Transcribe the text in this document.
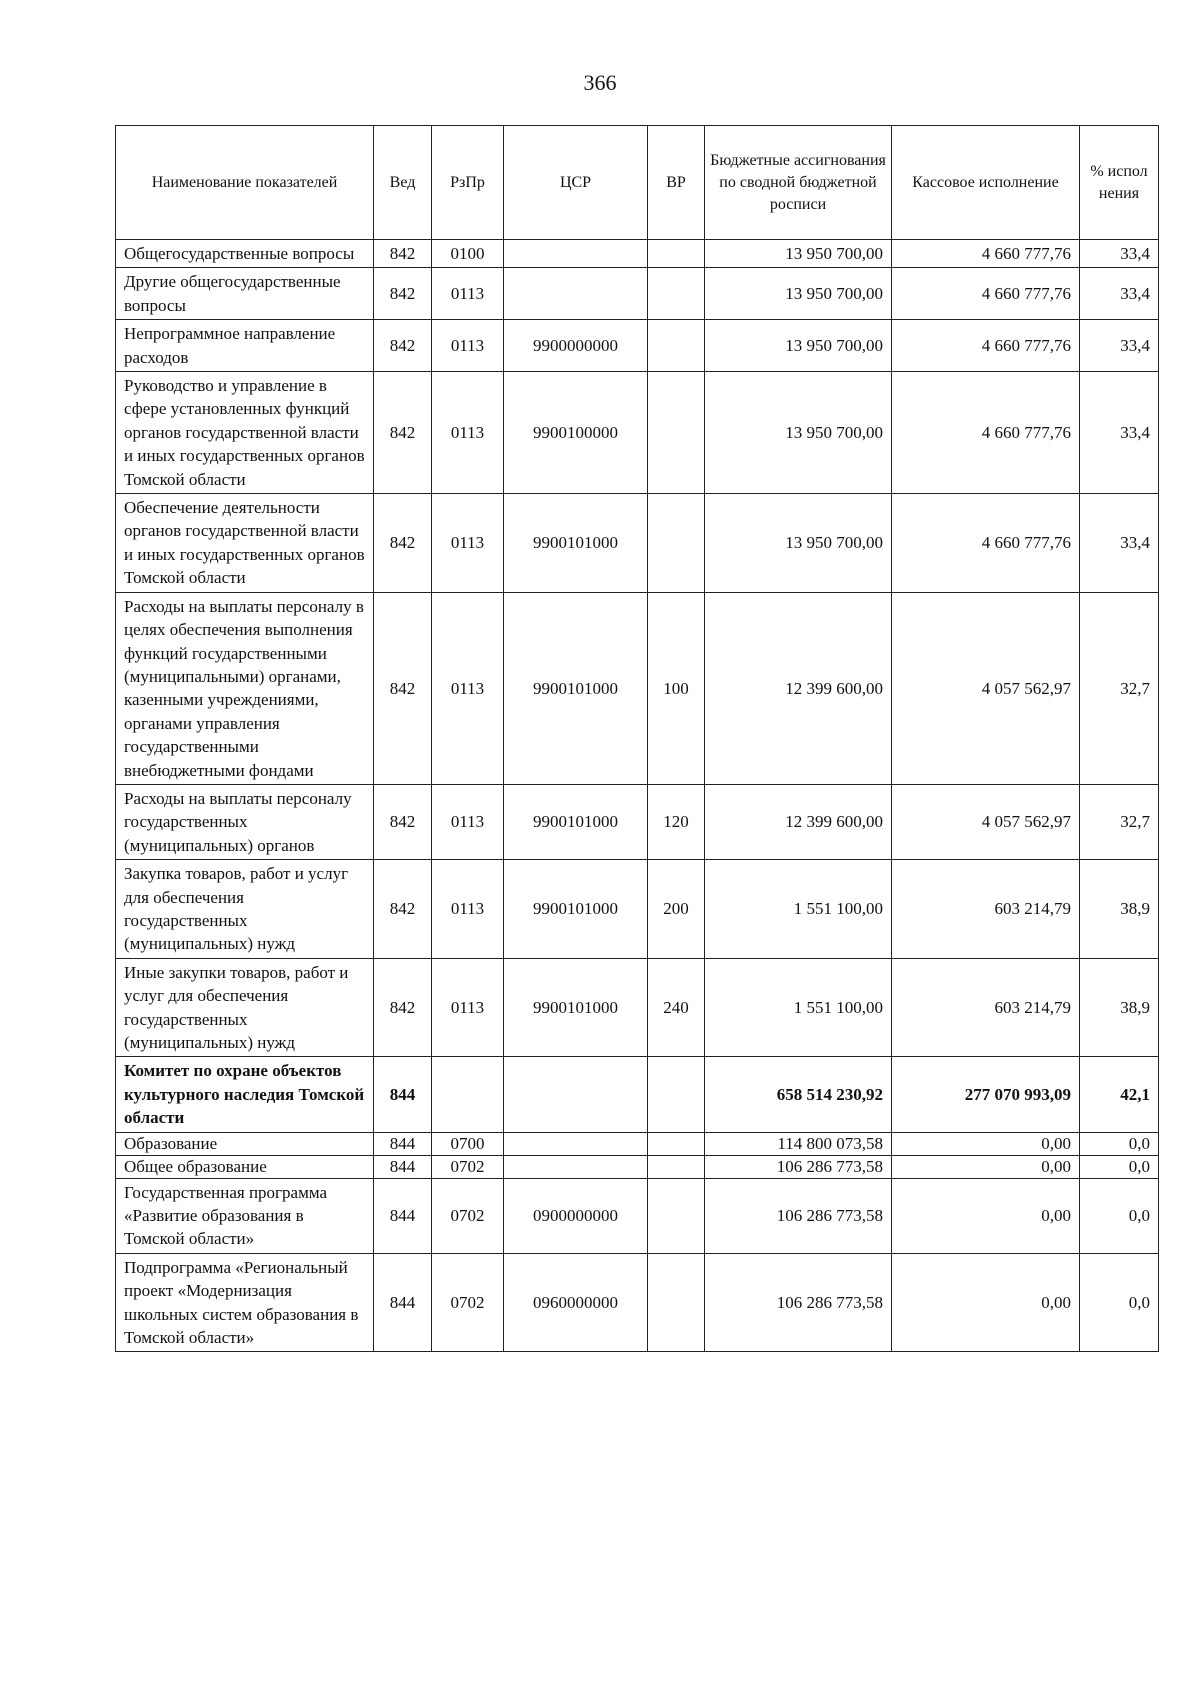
366
Наименование показателей	Вед	РзПр	ЦСР	ВР	Бюджетные ассигнования по сводной бюджетной росписи	Кассовое исполнение	% испол нения
Общегосударственные вопросы	842	0100			13 950 700,00	4 660 777,76	33,4
Другие общегосударственные вопросы	842	0113			13 950 700,00	4 660 777,76	33,4
Непрограммное направление расходов	842	0113	9900000000		13 950 700,00	4 660 777,76	33,4
Руководство и управление в сфере установленных функций органов государственной власти и иных государственных органов Томской области	842	0113	9900100000		13 950 700,00	4 660 777,76	33,4
Обеспечение деятельности органов государственной власти и иных государственных органов Томской области	842	0113	9900101000		13 950 700,00	4 660 777,76	33,4
Расходы на выплаты персоналу в целях обеспечения выполнения функций государственными (муниципальными) органами, казенными учреждениями, органами управления государственными внебюджетными фондами	842	0113	9900101000	100	12 399 600,00	4 057 562,97	32,7
Расходы на выплаты персоналу государственных (муниципальных) органов	842	0113	9900101000	120	12 399 600,00	4 057 562,97	32,7
Закупка товаров, работ и услуг для обеспечения государственных (муниципальных) нужд	842	0113	9900101000	200	1 551 100,00	603 214,79	38,9
Иные закупки товаров, работ и услуг для обеспечения государственных (муниципальных) нужд	842	0113	9900101000	240	1 551 100,00	603 214,79	38,9
Комитет по охране объектов культурного наследия Томской области	844				658 514 230,92	277 070 993,09	42,1
Образование	844	0700			114 800 073,58	0,00	0,0
Общее образование	844	0702			106 286 773,58	0,00	0,0
Государственная программа «Развитие образования в Томской области»	844	0702	0900000000		106 286 773,58	0,00	0,0
Подпрограмма «Региональный проект «Модернизация школьных систем образования в Томской области»	844	0702	0960000000		106 286 773,58	0,00	0,0
